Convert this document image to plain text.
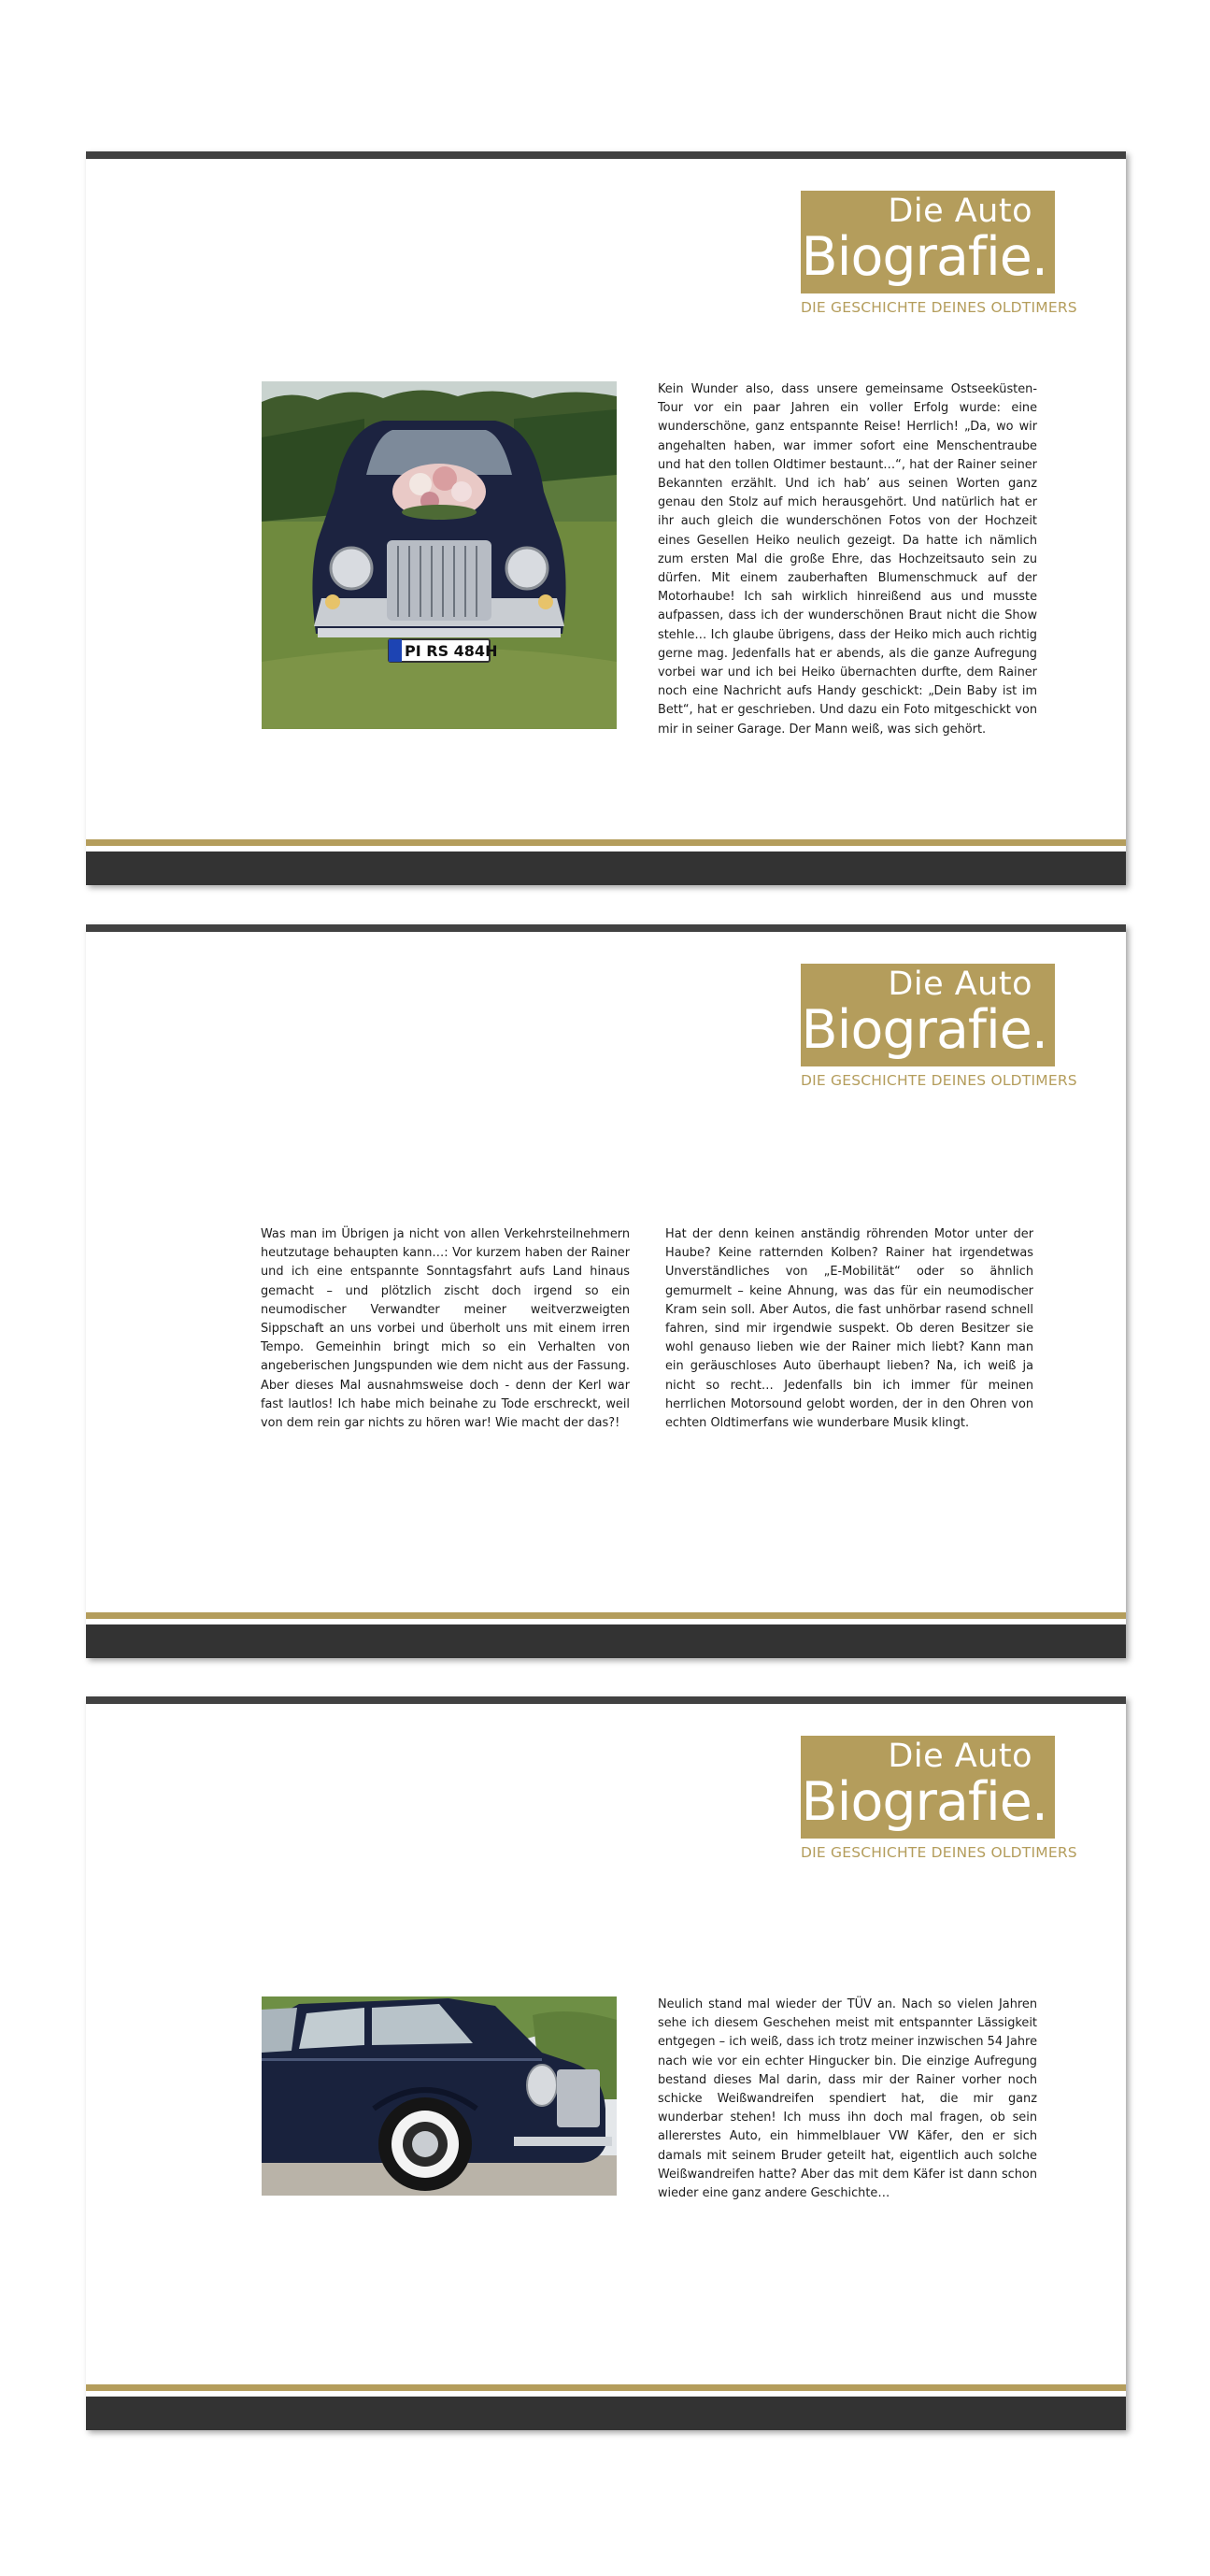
Die Auto
Biografie.
DIE GESCHICHTE DEINES OLDTIMERS
PI RS 484H

Kein Wunder also, dass unsere gemeinsame Ostseeküsten-Tour vor ein paar Jahren ein voller Erfolg wurde: eine wunderschöne, ganz entspannte Reise! Herrlich! „Da, wo wir angehalten haben, war immer sofort eine Menschentraube und hat den tollen Oldtimer bestaunt…“, hat der Rainer seiner Bekannten erzählt. Und ich hab’ aus seinen Worten ganz genau den Stolz auf mich herausgehört. Und natürlich hat er ihr auch gleich die wunderschönen Fotos von der Hochzeit eines Gesellen Heiko neulich gezeigt. Da hatte ich nämlich zum ersten Mal die große Ehre, das Hochzeitsauto sein zu dürfen. Mit einem zauberhaften Blumenschmuck auf der Motorhaube! Ich sah wirklich hinreißend aus und musste aufpassen, dass ich der wunderschönen Braut nicht die Show stehle… Ich glaube übrigens, dass der Heiko mich auch richtig gerne mag. Jedenfalls hat er abends, als die ganze Aufregung vorbei war und ich bei Heiko übernachten durfte, dem Rainer noch eine Nachricht aufs Handy geschickt: „Dein Baby ist im Bett“, hat er geschrieben. Und dazu ein Foto mitgeschickt von mir in seiner Garage. Der Mann weiß, was sich gehört.

Die Auto
Biografie.
DIE GESCHICHTE DEINES OLDTIMERS

Was man im Übrigen ja nicht von allen Verkehrsteilnehmern heutzutage behaupten kann…: Vor kurzem haben der Rainer und ich eine entspannte Sonntagsfahrt aufs Land hinaus gemacht – und plötzlich zischt doch irgend so ein neumodischer Verwandter meiner weitverzweigten Sippschaft an uns vorbei und überholt uns mit einem irren Tempo. Gemeinhin bringt mich so ein Verhalten von angeberischen Jungspunden wie dem nicht aus der Fassung. Aber dieses Mal ausnahmsweise doch - denn der Kerl war fast lautlos! Ich habe mich beinahe zu Tode erschreckt, weil von dem rein gar nichts zu hören war! Wie macht der das?!

Hat der denn keinen anständig röhrenden Motor unter der Haube? Keine ratternden Kolben? Rainer hat irgendetwas Unverständliches von „E-Mobilität“ oder so ähnlich gemurmelt – keine Ahnung, was das für ein neumodischer Kram sein soll. Aber Autos, die fast unhörbar rasend schnell fahren, sind mir irgendwie suspekt. Ob deren Besitzer sie wohl genauso lieben wie der Rainer mich liebt? Kann man ein geräuschloses Auto überhaupt lieben? Na, ich weiß ja nicht so recht… Jedenfalls bin ich immer für meinen herrlichen Motorsound gelobt worden, der in den Ohren von echten Oldtimerfans wie wunderbare Musik klingt.

Die Auto
Biografie.
DIE GESCHICHTE DEINES OLDTIMERS

Neulich stand mal wieder der TÜV an. Nach so vielen Jahren sehe ich diesem Geschehen meist mit entspannter Lässigkeit entgegen – ich weiß, dass ich trotz meiner inzwischen 54 Jahre nach wie vor ein echter Hingucker bin. Die einzige Aufregung bestand dieses Mal darin, dass mir der Rainer vorher noch schicke Weißwandreifen spendiert hat, die mir ganz wunderbar stehen! Ich muss ihn doch mal fragen, ob sein allererstes Auto, ein himmelblauer VW Käfer, den er sich damals mit seinem Bruder geteilt hat, eigentlich auch solche Weißwandreifen hatte? Aber das mit dem Käfer ist dann schon wieder eine ganz andere Geschichte…
